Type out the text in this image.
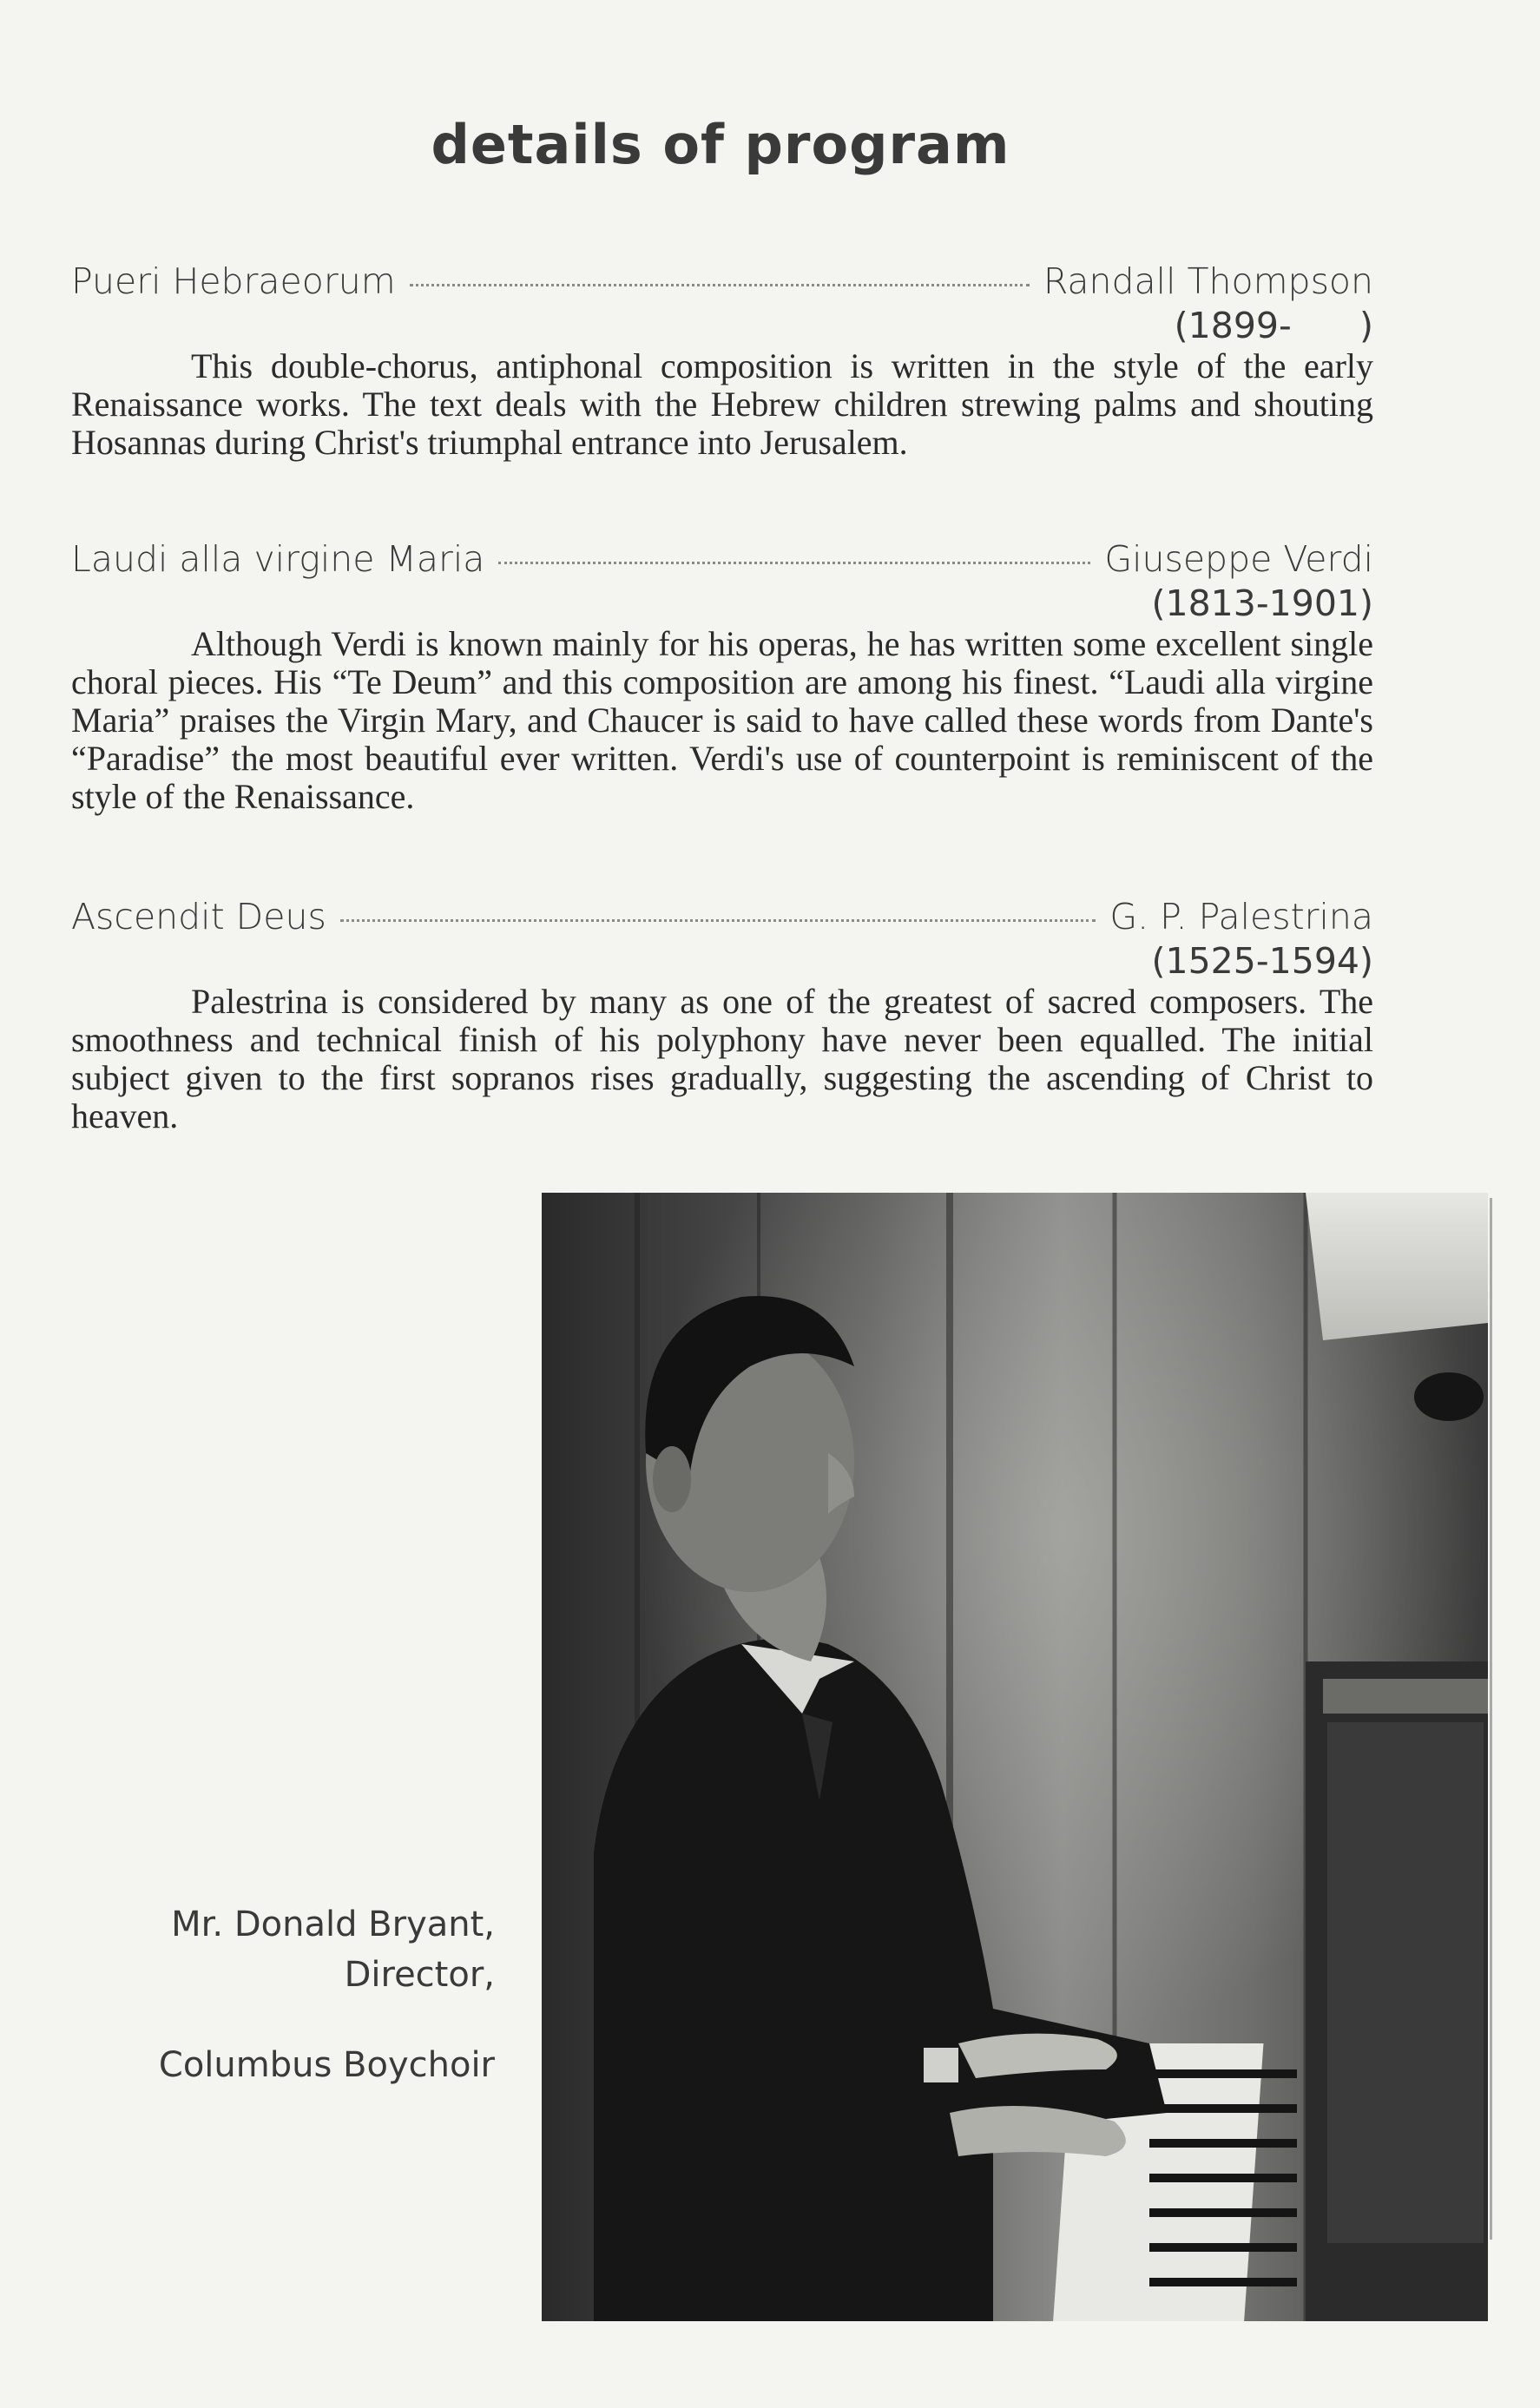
details of program
Pueri Hebraeorum	Randall Thompson
(1899-      )
This double-chorus, antiphonal composition is written in the style of the early Renaissance works. The text deals with the Hebrew children strewing palms and shouting Hosannas during Christ's triumphal entrance into Jerusalem.
Laudi alla virgine Maria	Giuseppe Verdi
(1813-1901)
Although Verdi is known mainly for his operas, he has written some excellent single choral pieces. His “Te Deum” and this composition are among his finest. “Laudi alla virgine Maria” praises the Virgin Mary, and Chaucer is said to have called these words from Dante's “Paradise” the most beautiful ever written. Verdi's use of counterpoint is reminiscent of the style of the Renaissance.
Ascendit Deus	G. P. Palestrina
(1525-1594)
Palestrina is considered by many as one of the greatest of sacred composers. The smoothness and technical finish of his polyphony have never been equalled. The initial subject given to the first sopranos rises gradually, suggesting the ascending of Christ to heaven.
Mr. Donald Bryant,
Director,
Columbus Boychoir
